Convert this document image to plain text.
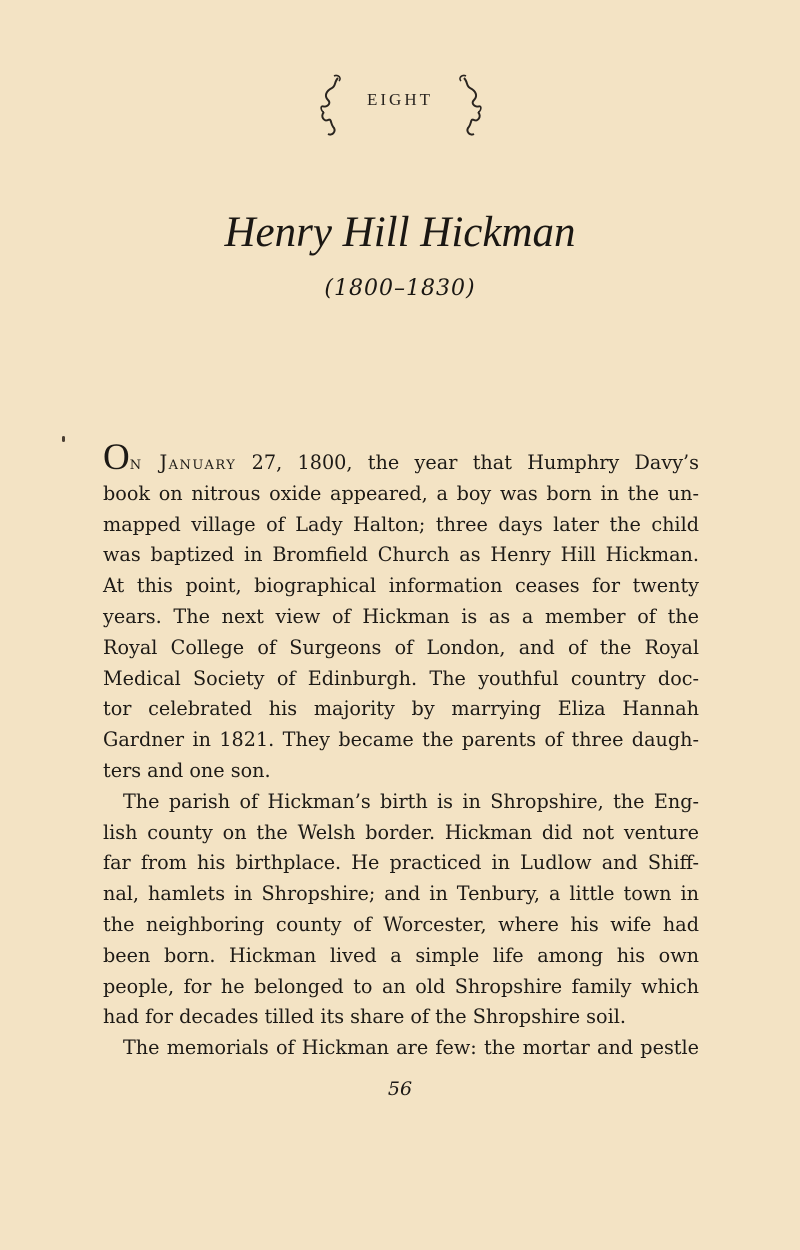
EIGHT
Henry Hill Hickman
(1800–1830)
On January 27, 1800, the year that Humphry Davy’s
book on nitrous oxide appeared, a boy was born in the un-
mapped village of Lady Halton; three days later the child
was baptized in Bromfield Church as Henry Hill Hickman.
At this point, biographical information ceases for twenty
years. The next view of Hickman is as a member of the
Royal College of Surgeons of London, and of the Royal
Medical Society of Edinburgh. The youthful country doc-
tor celebrated his majority by marrying Eliza Hannah
Gardner in 1821. They became the parents of three daugh-
ters and one son.
The parish of Hickman’s birth is in Shropshire, the Eng-
lish county on the Welsh border. Hickman did not venture
far from his birthplace. He practiced in Ludlow and Shiff-
nal, hamlets in Shropshire; and in Tenbury, a little town in
the neighboring county of Worcester, where his wife had
been born. Hickman lived a simple life among his own
people, for he belonged to an old Shropshire family which
had for decades tilled its share of the Shropshire soil.
The memorials of Hickman are few: the mortar and pestle
56
